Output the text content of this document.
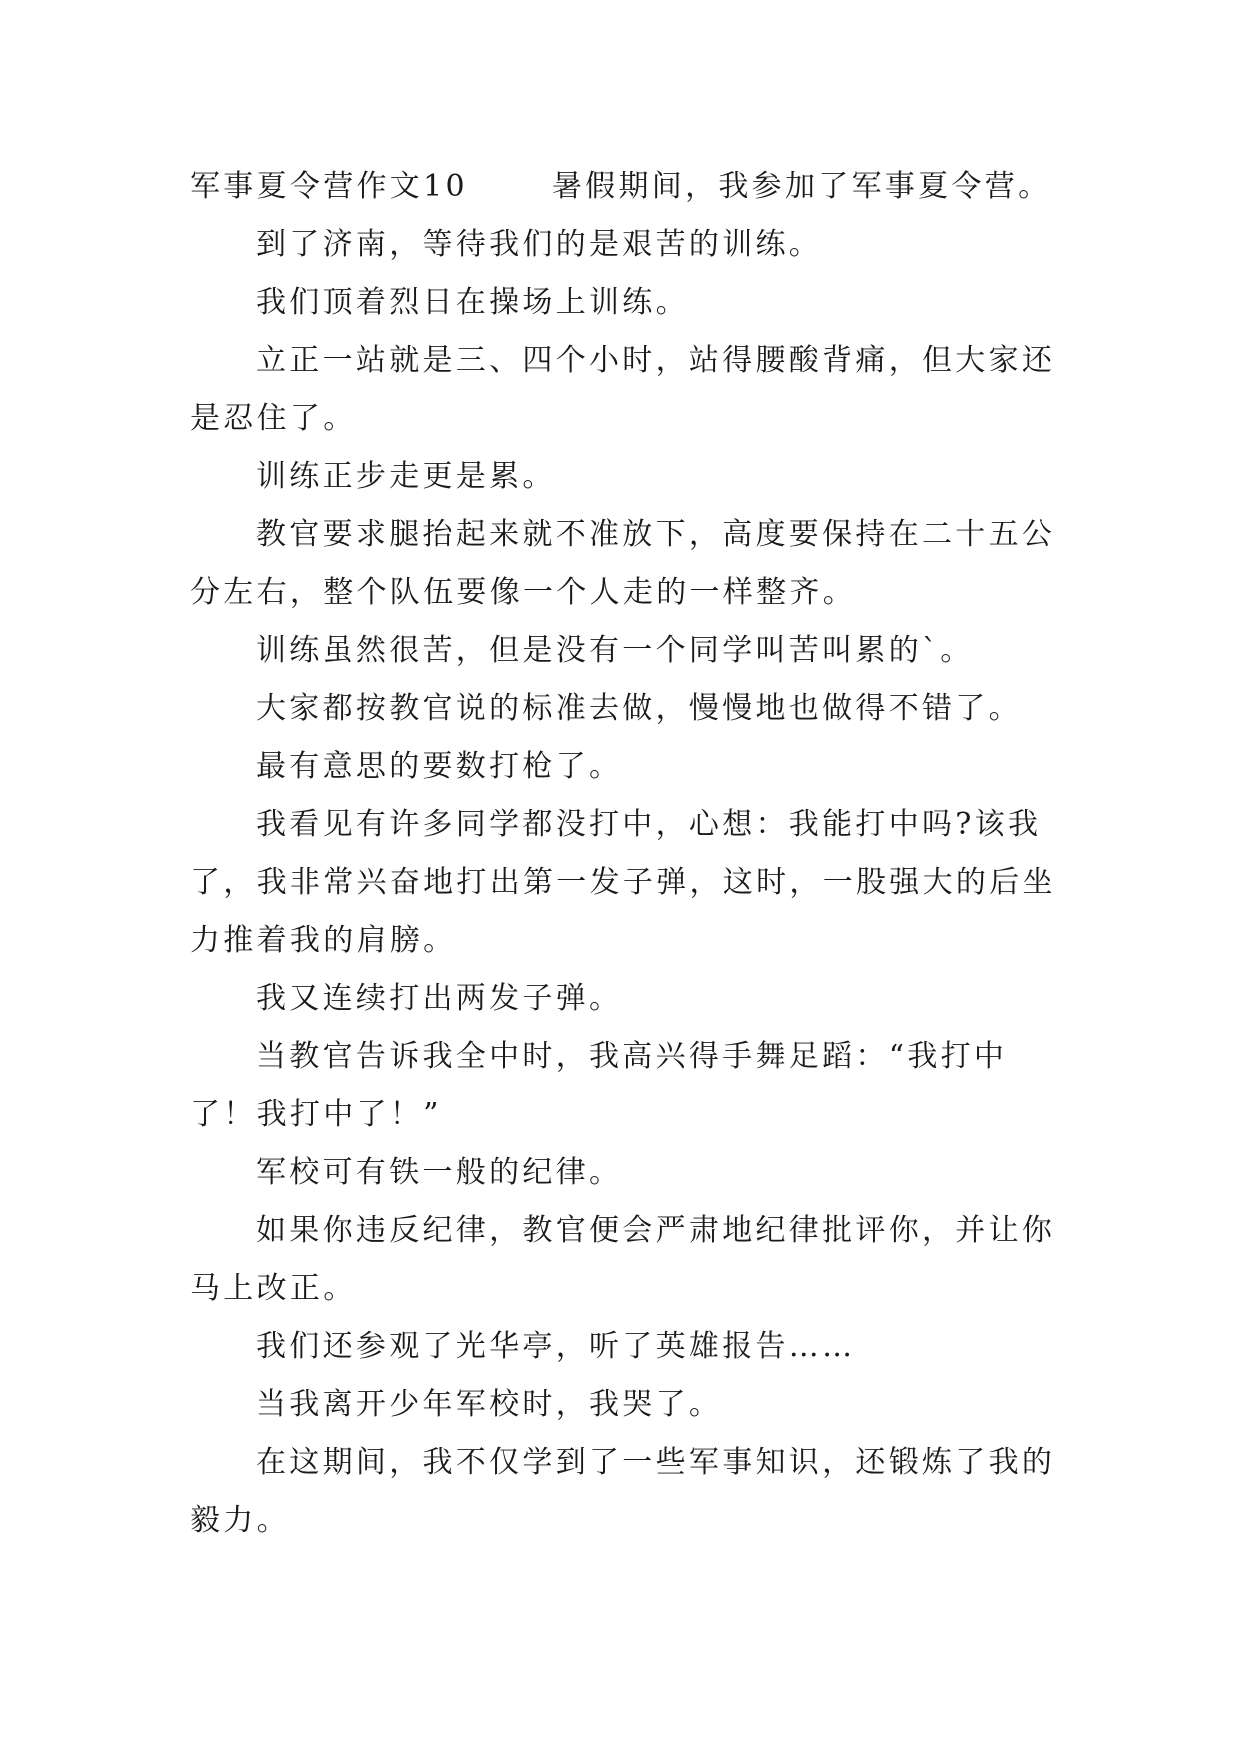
军事夏令营作文10	暑假期间，我参加了军事夏令营。

到了济南，等待我们的是艰苦的训练。

我们顶着烈日在操场上训练。

立正一站就是三、四个小时，站得腰酸背痛，但大家还是忍住了。

训练正步走更是累。

教官要求腿抬起来就不准放下，高度要保持在二十五公分左右，整个队伍要像一个人走的一样整齐。

训练虽然很苦，但是没有一个同学叫苦叫累的`。

大家都按教官说的标准去做，慢慢地也做得不错了。

最有意思的要数打枪了。

我看见有许多同学都没打中，心想：我能打中吗?该我了，我非常兴奋地打出第一发子弹，这时，一股强大的后坐力推着我的肩膀。

我又连续打出两发子弹。

当教官告诉我全中时，我高兴得手舞足蹈：“我打中了！我打中了！”

军校可有铁一般的纪律。

如果你违反纪律，教官便会严肃地纪律批评你，并让你马上改正。

我们还参观了光华亭，听了英雄报告……

当我离开少年军校时，我哭了。

在这期间，我不仅学到了一些军事知识，还锻炼了我的毅力。
